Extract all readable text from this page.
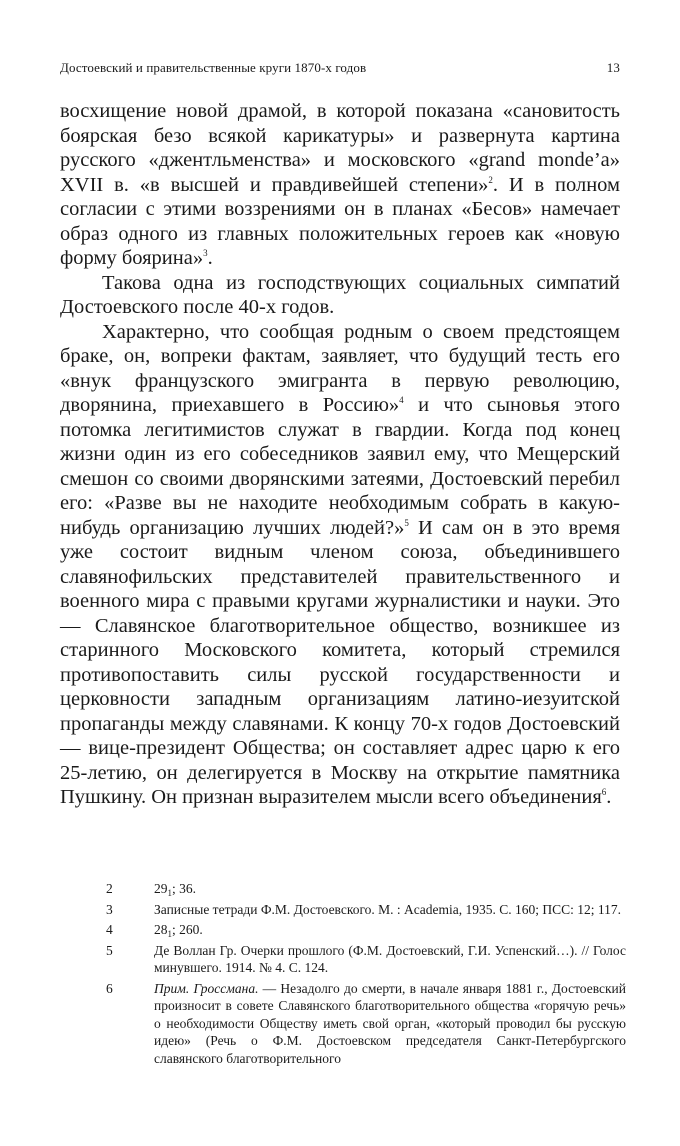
Достоевский и правительственные круги 1870-х годов	13

восхищение новой драмой, в которой показана «сановитость боярская безо всякой карикатуры» и развернута картина русского «джентльменства» и московского «grand monde’a» XVII в. «в высшей и правдивейшей степени»$^2$. И в полном согласии с этими воззрениями он в планах «Бесов» намечает образ одного из главных положительных героев как «новую форму боярина»$^3$.

Такова одна из господствующих социальных симпатий Достоевского после 40-х годов.

Характерно, что сообщая родным о своем предстоящем браке, он, вопреки фактам, заявляет, что будущий тесть его «внук французского эмигранта в первую революцию, дворянина, приехавшего в Россию»$^4$ и что сыновья этого потомка легитимистов служат в гвардии. Когда под конец жизни один из его собеседников заявил ему, что Мещерский смешон со своими дворянскими затеями, Достоевский перебил его: «Разве вы не находите необходимым собрать в какую-нибудь организацию лучших людей?»$^5$ И сам он в это время уже состоит видным членом союза, объединившего славянофильских представителей правительственного и военного мира с правыми кругами журналистики и науки. Это — Славянское благотворительное общество, возникшее из старинного Московского комитета, который стремился противопоставить силы русской государственности и церковности западным организациям латино-иезуитской пропаганды между славянами. К концу 70-х годов Достоевский — вице-президент Общества; он составляет адрес царю к его 25-летию, он делегируется в Москву на открытие памятника Пушкину. Он признан выразителем мысли всего объединения$^6$.

2	$29_1$; 36.
3	Записные тетради Ф.М. Достоевского. М. : Academia, 1935. С. 160; ПСС: 12; 117.
4	$28_1$; 260.
5	Де Воллан Гр. Очерки прошлого (Ф.М. Достоевский, Г.И. Успенский…). // Голос минувшего. 1914. № 4. С. 124.
6	Прим. Гроссмана. — Незадолго до смерти, в начале января 1881 г., Достоевский произносит в совете Славянского благотворительного общества «горячую речь» о необходимости Обществу иметь свой орган, «который проводил бы русскую идею» (Речь о Ф.М. Достоевском председателя Санкт-Петербургского славянского благотворительного
